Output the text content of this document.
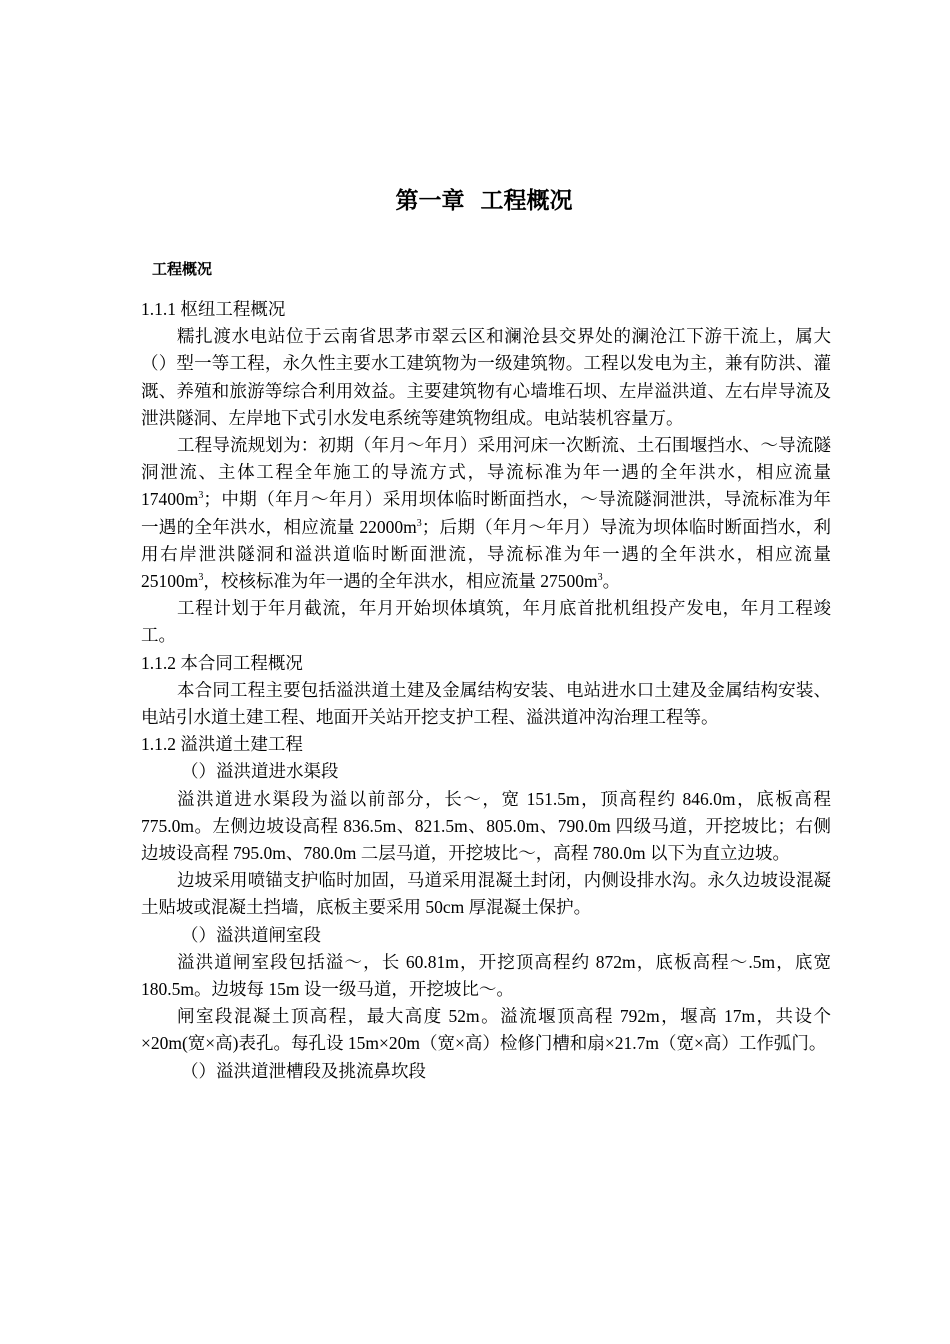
第一章 工程概况
工程概况

1.1.1 枢纽工程概况

糯扎渡水电站位于云南省思茅市翠云区和澜沧县交界处的澜沧江下游干流上，属大（）型一等工程，永久性主要水工建筑物为一级建筑物。工程以发电为主，兼有防洪、灌溉、养殖和旅游等综合利用效益。主要建筑物有心墙堆石坝、左岸溢洪道、左右岸导流及泄洪隧洞、左岸地下式引水发电系统等建筑物组成。电站装机容量万。

工程导流规划为：初期（年月～年月）采用河床一次断流、土石围堰挡水、～导流隧洞泄流、主体工程全年施工的导流方式，导流标准为年一遇的全年洪水，相应流量 $17400m^3$；中期（年月～年月）采用坝体临时断面挡水，～导流隧洞泄洪，导流标准为年一遇的全年洪水，相应流量 $22000m^3$；后期（年月～年月）导流为坝体临时断面挡水，利用右岸泄洪隧洞和溢洪道临时断面泄流，导流标准为年一遇的全年洪水，相应流量 $25100m^3$，校核标准为年一遇的全年洪水，相应流量 $27500m^3$。

工程计划于年月截流，年月开始坝体填筑，年月底首批机组投产发电，年月工程竣工。

1.1.2 本合同工程概况

本合同工程主要包括溢洪道土建及金属结构安装、电站进水口土建及金属结构安装、电站引水道土建工程、地面开关站开挖支护工程、溢洪道冲沟治理工程等。

1.1.2 溢洪道土建工程

（）溢洪道进水渠段

溢洪道进水渠段为溢以前部分，长～，宽 151.5m，顶高程约 846.0m，底板高程 775.0m。左侧边坡设高程 836.5m、821.5m、805.0m、790.0m 四级马道，开挖坡比；右侧边坡设高程 795.0m、780.0m 二层马道，开挖坡比～，高程 780.0m 以下为直立边坡。

边坡采用喷锚支护临时加固，马道采用混凝土封闭，内侧设排水沟。永久边坡设混凝土贴坡或混凝土挡墙，底板主要采用 50cm 厚混凝土保护。

（）溢洪道闸室段

溢洪道闸室段包括溢～，长 60.81m，开挖顶高程约 872m，底板高程～.5m，底宽 180.5m。边坡每 15m 设一级马道，开挖坡比～。

闸室段混凝土顶高程，最大高度 52m。溢流堰顶高程 792m，堰高 17m，共设个×20m(宽×高)表孔。每孔设 15m×20m（宽×高）检修门槽和扇×21.7m（宽×高）工作弧门。

（）溢洪道泄槽段及挑流鼻坎段
